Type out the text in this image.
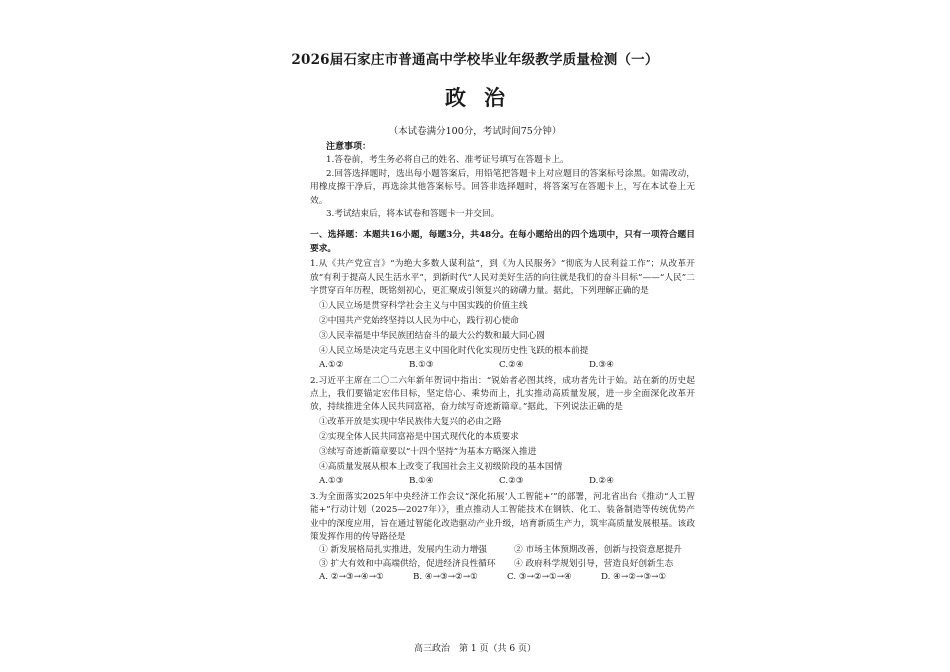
2026届石家庄市普通高中学校毕业年级教学质量检测（一）
政治
（本试卷满分100分，考试时间75分钟）

注意事项：

1.答卷前，考生务必将自己的姓名、准考证号填写在答题卡上。

2.回答选择题时，选出每小题答案后，用铅笔把答题卡上对应题目的答案标号涂黑。如需改动，用橡皮擦干净后，再选涂其他答案标号。回答非选择题时，将答案写在答题卡上，写在本试卷上无效。

3.考试结束后，将本试卷和答题卡一并交回。

一、选择题：本题共16小题，每题3分，共48分。在每小题给出的四个选项中，只有一项符合题目要求。

1.从《共产党宣言》“为绝大多数人谋利益”，到《为人民服务》“彻底为人民利益工作”；从改革开放“有利于提高人民生活水平”，到新时代“人民对美好生活的向往就是我们的奋斗目标”——“人民”二字贯穿百年历程，既铭刻初心，更汇聚成引领复兴的磅礴力量。据此，下列理解正确的是

①人民立场是贯穿科学社会主义与中国实践的价值主线

②中国共产党始终坚持以人民为中心，践行初心使命

③人民幸福是中华民族团结奋斗的最大公约数和最大同心圆

④人民立场是决定马克思主义中国化时代化实现历史性飞跃的根本前提

A.①②	B.①③	C.②④	D.③④

2.习近平主席在二〇二六年新年贺词中指出：“锐始者必图其终，成功者先计于始。站在新的历史起点上，我们要锚定宏伟目标，坚定信心、乘势而上，扎实推动高质量发展，进一步全面深化改革开放，持续推进全体人民共同富裕，奋力续写奇迹新篇章。”据此，下列说法正确的是

①改革开放是实现中华民族伟大复兴的必由之路

②实现全体人民共同富裕是中国式现代化的本质要求

③续写奇迹新篇章要以“十四个坚持”为基本方略深入推进

④高质量发展从根本上改变了我国社会主义初级阶段的基本国情

A.①③	B.①④	C.②③	D.②④

3.为全面落实2025年中央经济工作会议“深化拓展‘人工智能+’”的部署，河北省出台《推动“人工智能+”行动计划（2025—2027年）》，重点推动人工智能技术在钢铁、化工、装备制造等传统优势产业中的深度应用，旨在通过智能化改造驱动产业升级，培育新质生产力，筑牢高质量发展根基。该政策发挥作用的传导路径是

① 新发展格局扎实推进，发展内生动力增强	② 市场主体预期改善，创新与投资意愿提升
③ 扩大有效和中高端供给，促进经济良性循环	④ 政府科学规划引导，营造良好创新生态
A. ②→③→④→①	B. ④→③→②→①	C. ③→②→①→④	D. ④→②→③→①
高三政治　第 1 页（共 6 页）
